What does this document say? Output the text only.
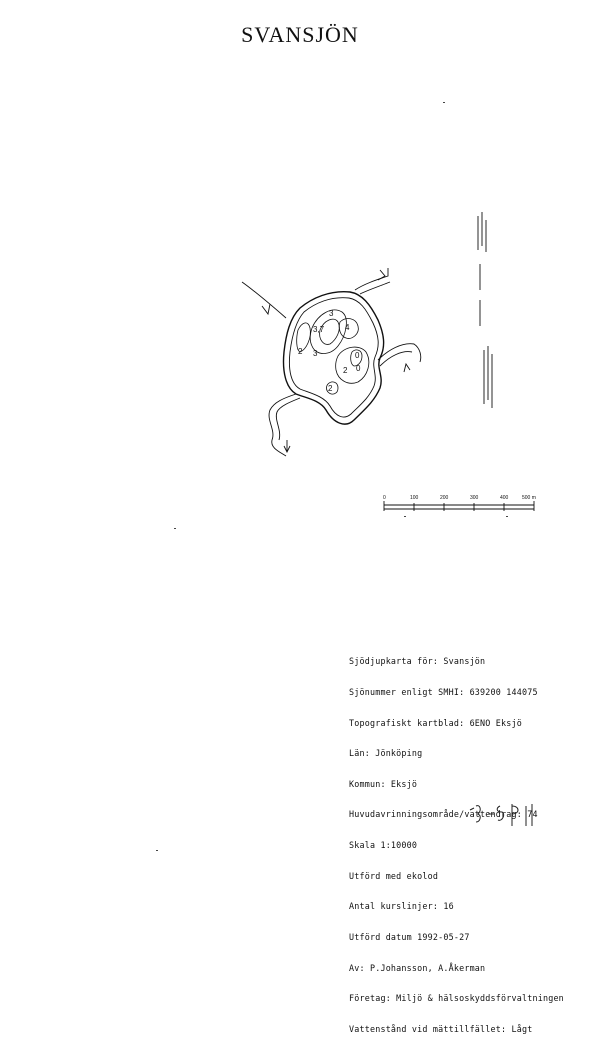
SVANSJÖN
3,7
3
4
2 3	0
2 0
2
0	100	200	300	400	500 m

Sjödjupkarta för: Svansjön

Sjönummer enligt SMHI: 639200 144075

Topografiskt kartblad: 6ENO Eksjö

Län: Jönköping

Kommun: Eksjö

Huvudavrinningsområde/vattendrag: 74

Skala 1:10000

Utförd med ekolod

Antal kurslinjer: 16

Utförd datum 1992-05-27

Av: P.Johansson, A.Åkerman

Företag: Miljö & hälsoskyddsförvaltningen

Vattenstånd vid mättillfället: Lågt
